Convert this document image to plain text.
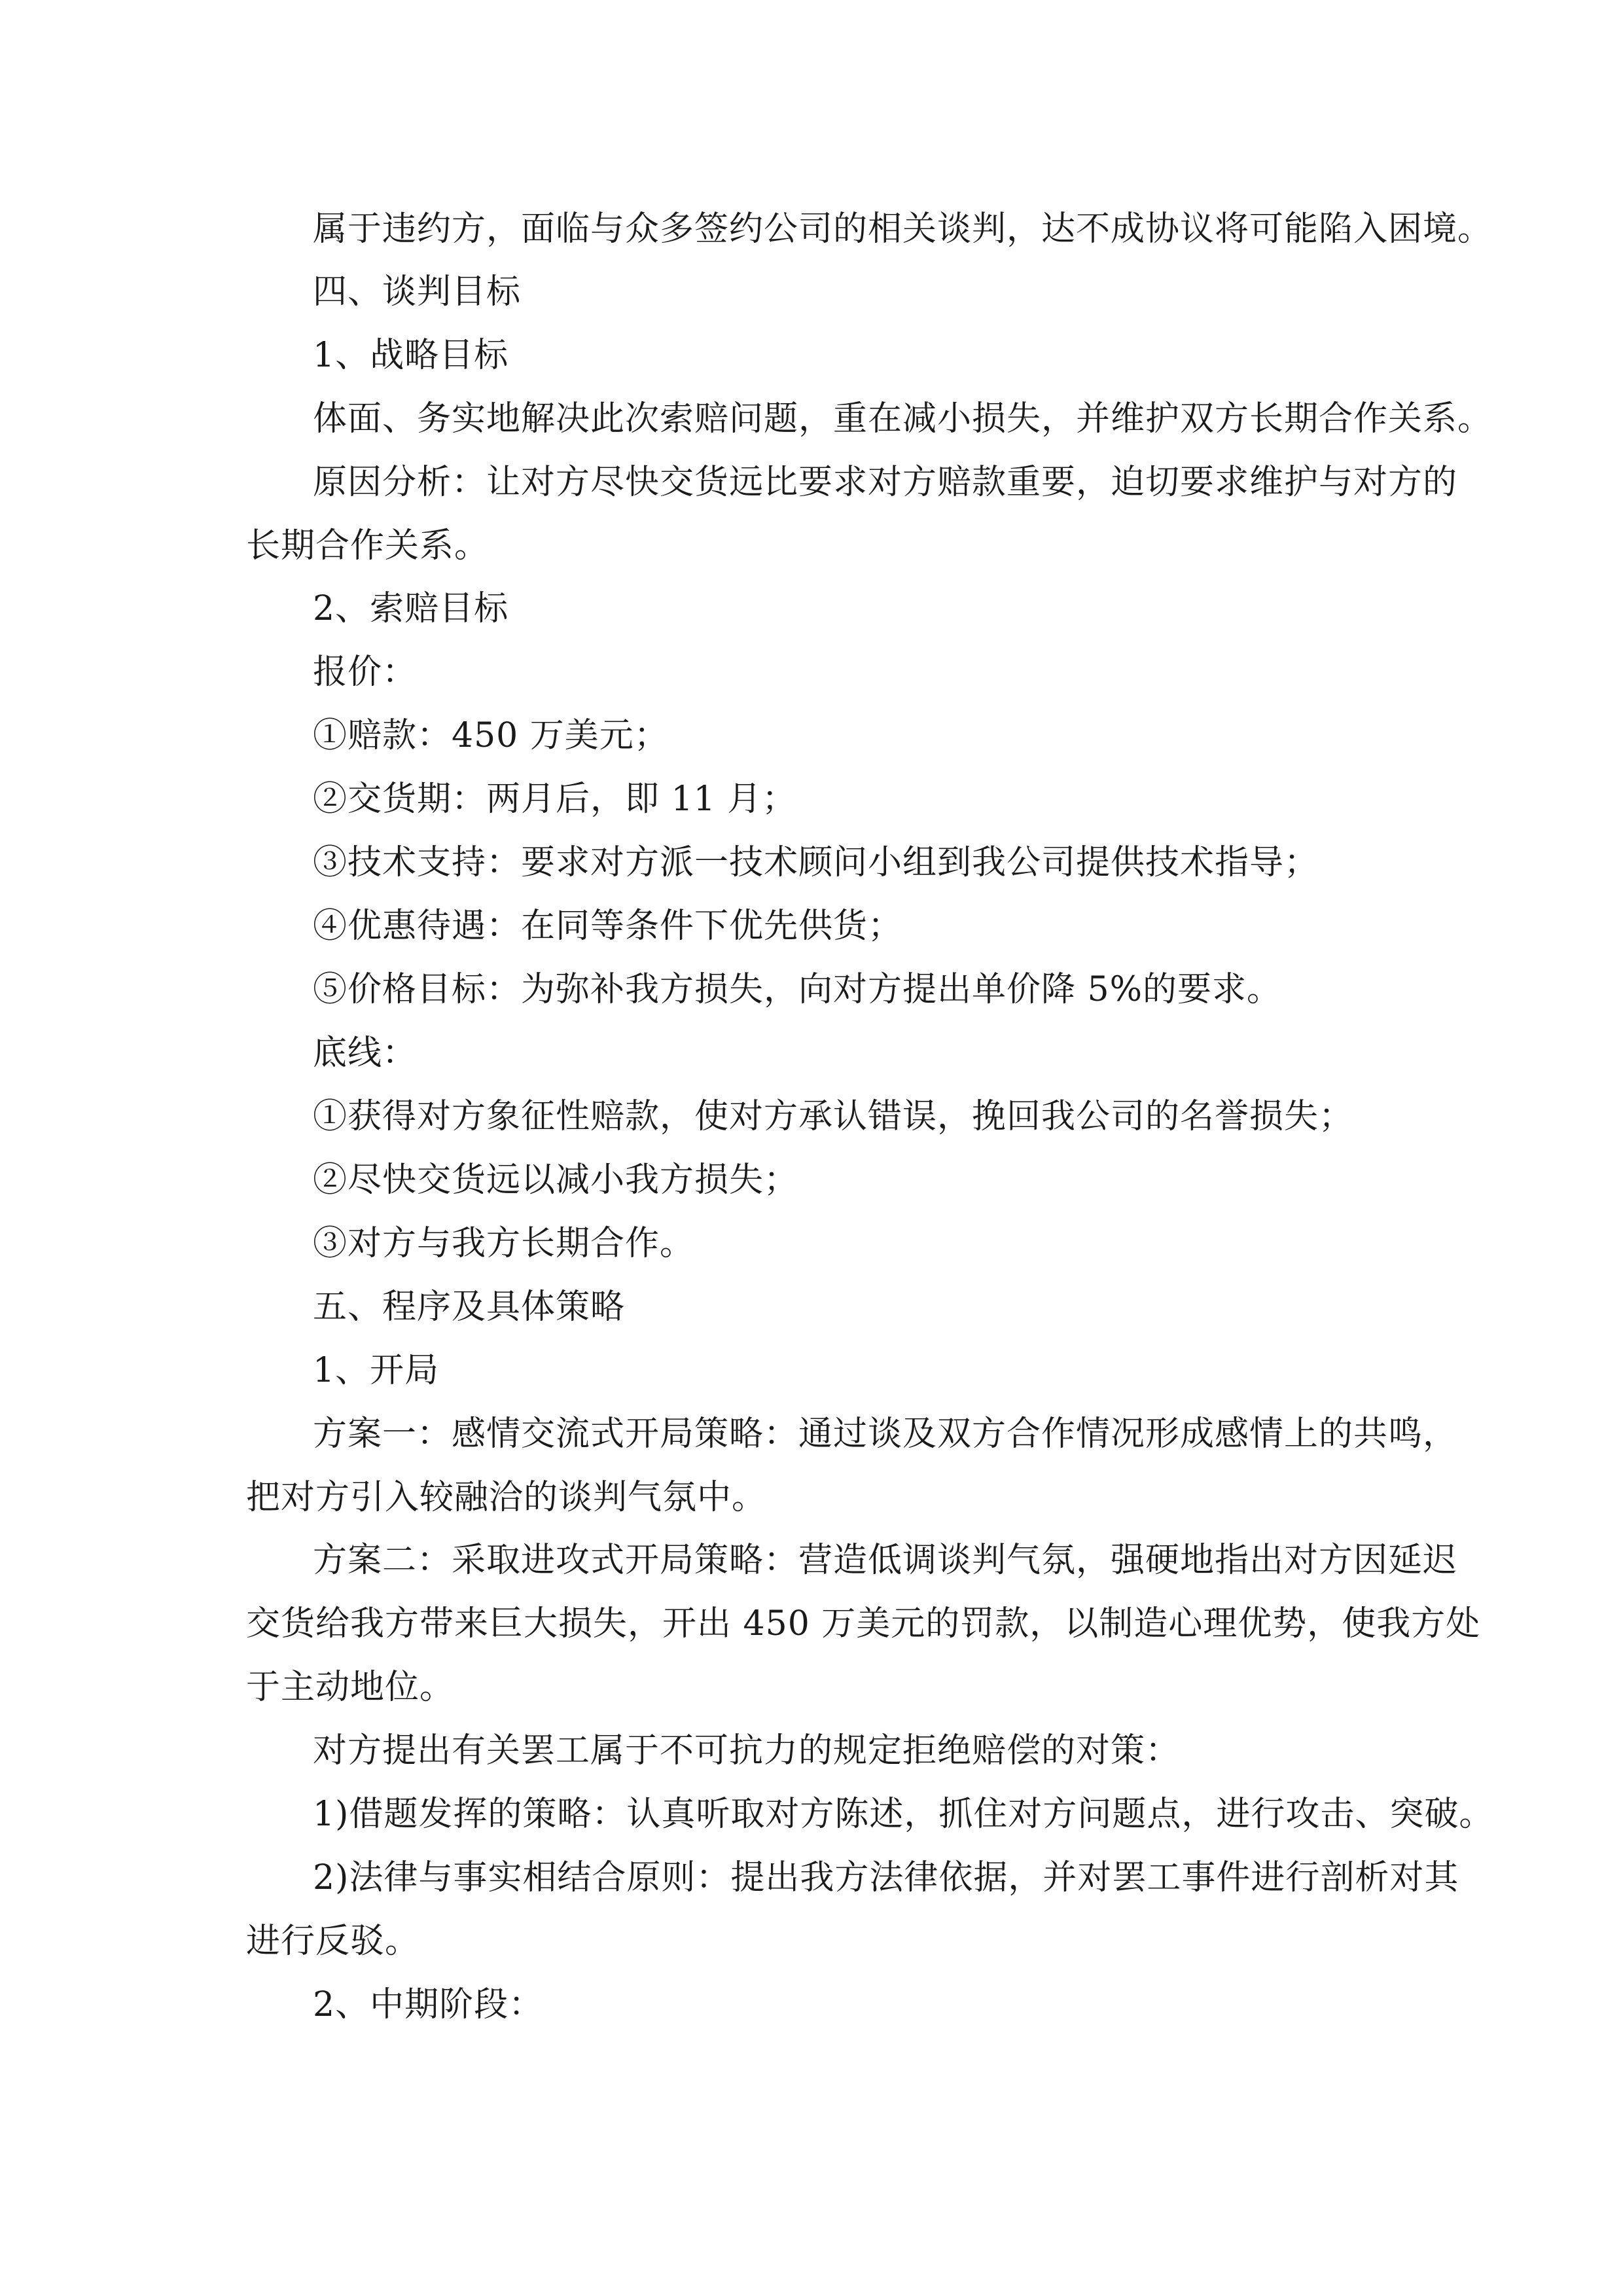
属于违约方，面临与众多签约公司的相关谈判，达不成协议将可能陷入困境。

四、谈判目标

1、战略目标

体面、务实地解决此次索赔问题，重在减小损失，并维护双方长期合作关系。

原因分析：让对方尽快交货远比要求对方赔款重要，迫切要求维护与对方的

长期合作关系。

2、索赔目标

报价：

①赔款：450 万美元；

②交货期：两月后，即 11 月；

③技术支持：要求对方派一技术顾问小组到我公司提供技术指导；

④优惠待遇：在同等条件下优先供货；

⑤价格目标：为弥补我方损失，向对方提出单价降 5%的要求。

底线：

①获得对方象征性赔款，使对方承认错误，挽回我公司的名誉损失；

②尽快交货远以减小我方损失；

③对方与我方长期合作。

五、程序及具体策略

1、开局

方案一：感情交流式开局策略：通过谈及双方合作情况形成感情上的共鸣，

把对方引入较融洽的谈判气氛中。

方案二：采取进攻式开局策略：营造低调谈判气氛，强硬地指出对方因延迟

交货给我方带来巨大损失，开出 450 万美元的罚款，以制造心理优势，使我方处

于主动地位。

对方提出有关罢工属于不可抗力的规定拒绝赔偿的对策：

1)借题发挥的策略：认真听取对方陈述，抓住对方问题点，进行攻击、突破。

2)法律与事实相结合原则：提出我方法律依据，并对罢工事件进行剖析对其

进行反驳。

2、中期阶段：
